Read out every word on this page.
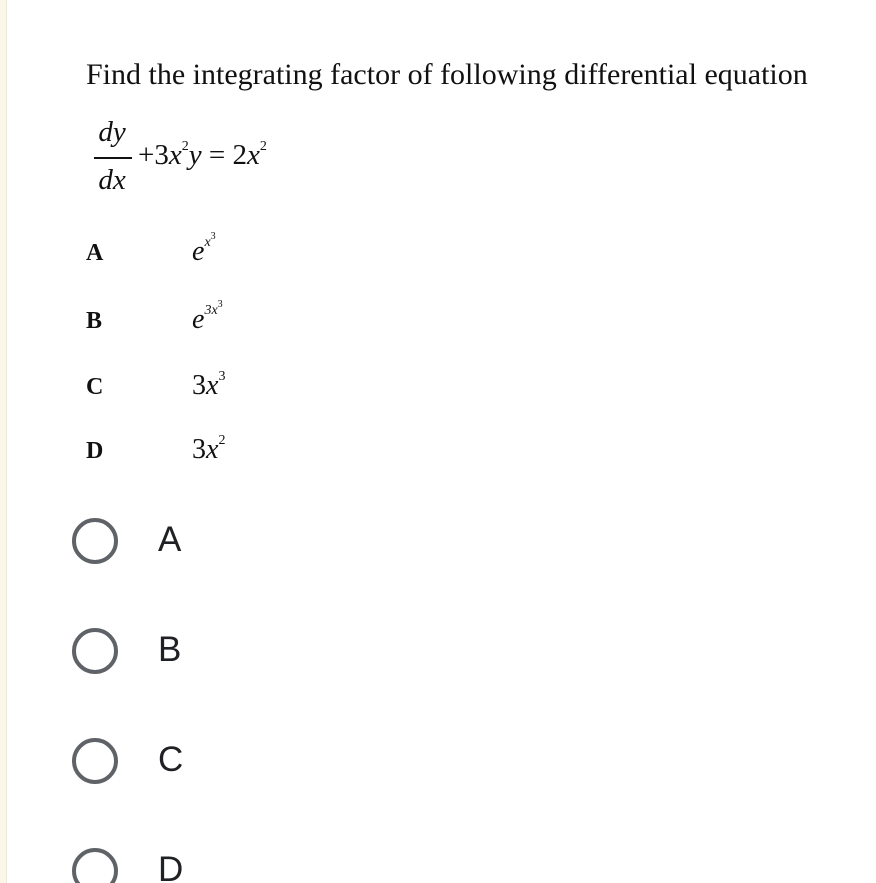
Find the integrating factor of following differential equation
dy
dx
$+3x^2y = 2x^2$
A	$e^{x^3}$
B	$e^{3x^3}$
C	$3x^3$
D	$3x^2$
A
B
C
D
